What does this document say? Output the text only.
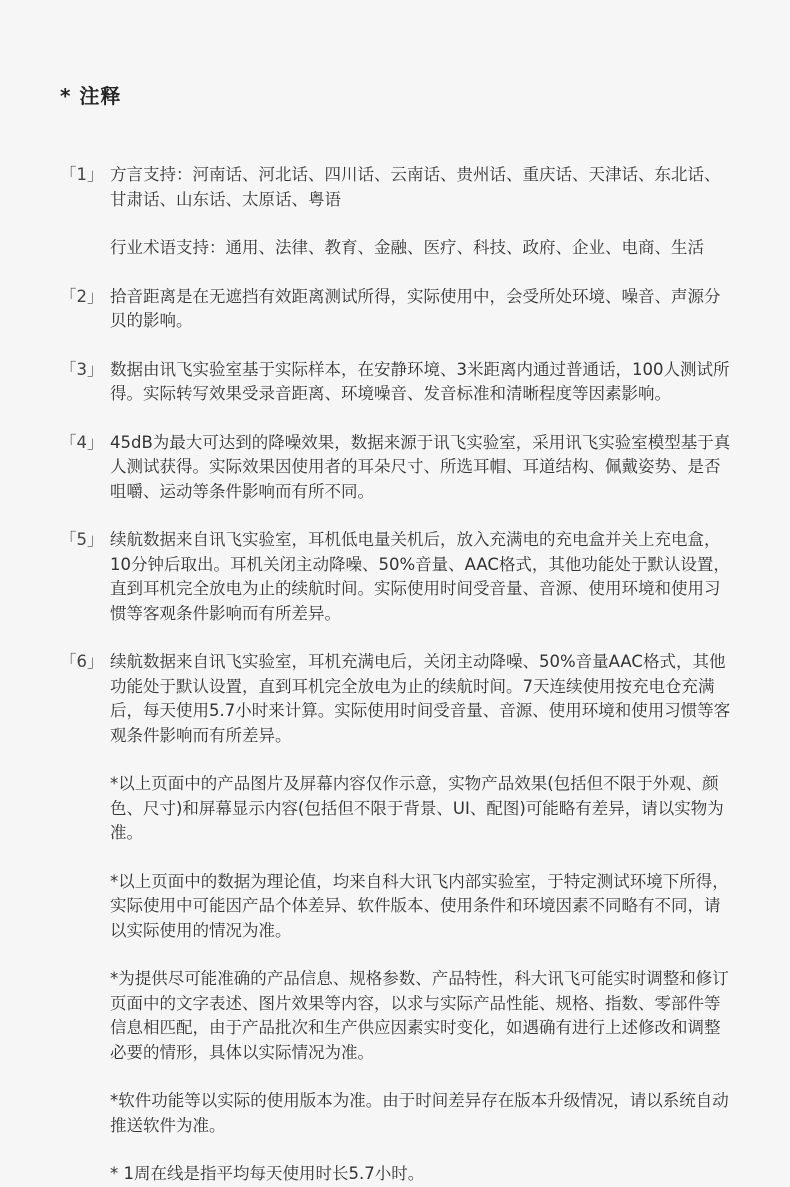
* 注释
「1」 方言支持：河南话、河北话、四川话、云南话、贵州话、重庆话、天津话、东北话、甘肃话、山东话、太原话、粤语

行业术语支持：通用、法律、教育、金融、医疗、科技、政府、企业、电商、生活

「2」 拾音距离是在无遮挡有效距离测试所得，实际使用中，会受所处环境、噪音、声源分贝的影响。

「3」 数据由讯飞实验室基于实际样本，在安静环境、3米距离内通过普通话，100人测试所得。实际转写效果受录音距离、环境噪音、发音标准和清晰程度等因素影响。

「4」 45dB为最大可达到的降噪效果，数据来源于讯飞实验室，采用讯飞实验室模型基于真人测试获得。实际效果因使用者的耳朵尺寸、所选耳帽、耳道结构、佩戴姿势、是否咀嚼、运动等条件影响而有所不同。

「5」 续航数据来自讯飞实验室，耳机低电量关机后，放入充满电的充电盒并关上充电盒，10分钟后取出。耳机关闭主动降噪、50%音量、AAC格式，其他功能处于默认设置，直到耳机完全放电为止的续航时间。实际使用时间受音量、音源、使用环境和使用习惯等客观条件影响而有所差异。

「6」 续航数据来自讯飞实验室，耳机充满电后，关闭主动降噪、50%音量AAC格式，其他功能处于默认设置，直到耳机完全放电为止的续航时间。7天连续使用按充电仓充满后，每天使用5.7小时来计算。实际使用时间受音量、音源、使用环境和使用习惯等客观条件影响而有所差异。

*以上页面中的产品图片及屏幕内容仅作示意，实物产品效果(包括但不限于外观、颜色、尺寸)和屏幕显示内容(包括但不限于背景、UI、配图)可能略有差异，请以实物为准。

*以上页面中的数据为理论值，均来自科大讯飞内部实验室，于特定测试环境下所得，实际使用中可能因产品个体差异、软件版本、使用条件和环境因素不同略有不同，请以实际使用的情况为准。

*为提供尽可能准确的产品信息、规格参数、产品特性，科大讯飞可能实时调整和修订页面中的文字表述、图片效果等内容，以求与实际产品性能、规格、指数、零部件等信息相匹配，由于产品批次和生产供应因素实时变化，如遇确有进行上述修改和调整必要的情形，具体以实际情况为准。

*软件功能等以实际的使用版本为准。由于时间差异存在版本升级情况，请以系统自动推送软件为准。

* 1周在线是指平均每天使用时长5.7小时。
